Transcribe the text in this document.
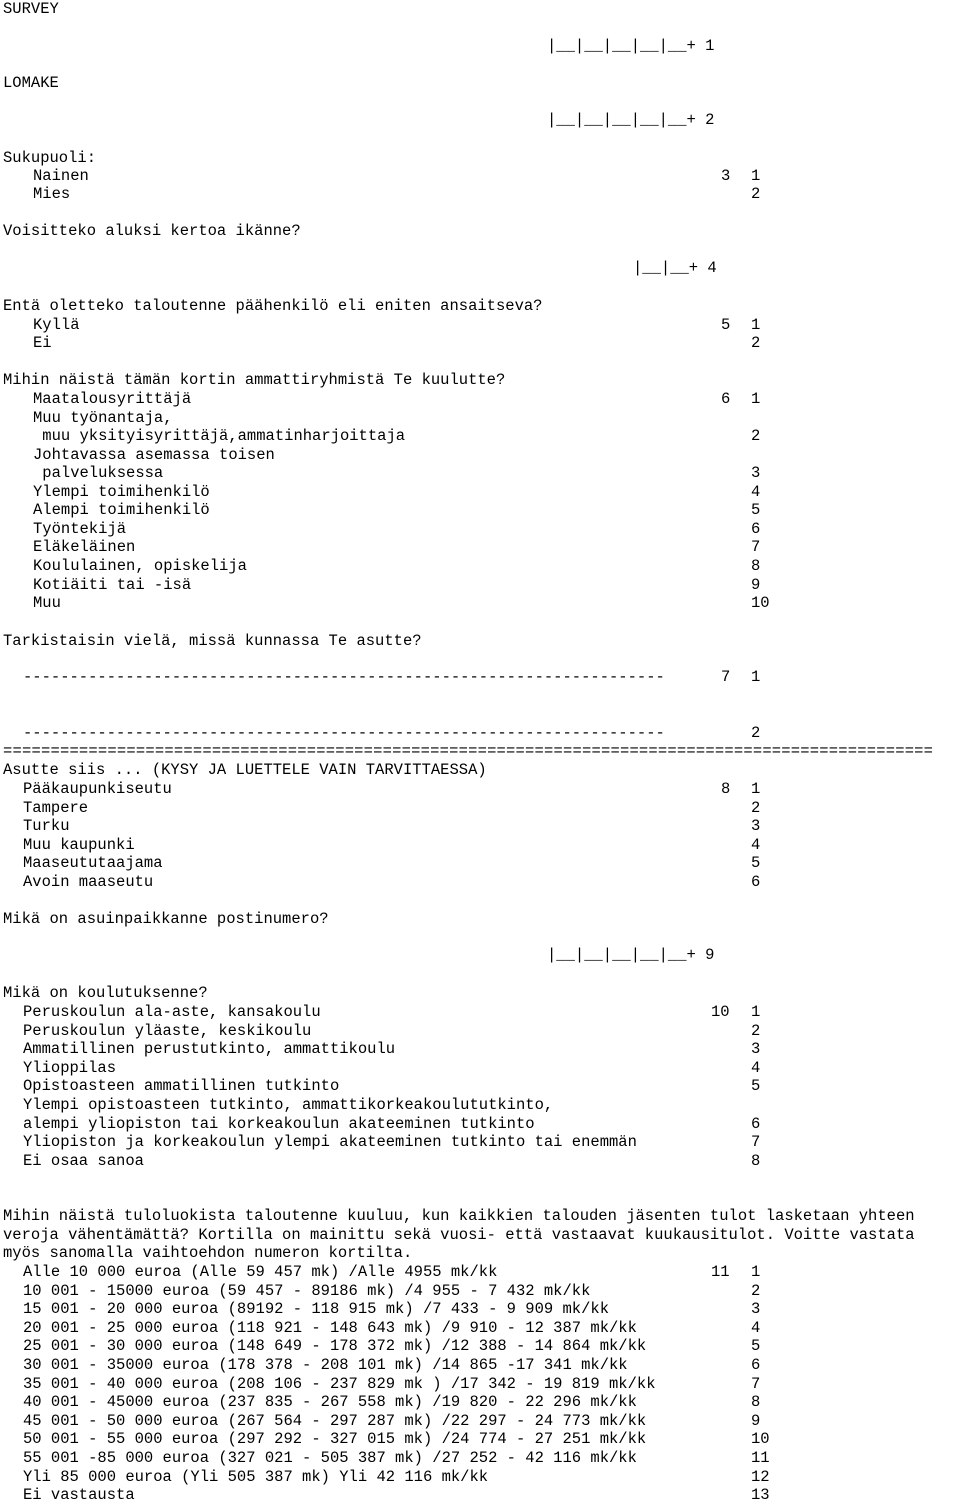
SURVEY
|__|__|__|__|__+ 1
LOMAKE
|__|__|__|__|__+ 2
Sukupuoli:
Nainen	3 1
Mies	2
Voisitteko aluksi kertoa ikänne?
|__|__+ 4
Entä oletteko taloutenne päähenkilö eli eniten ansaitseva?
Kyllä	5 1
Ei	2
Mihin näistä tämän kortin ammattiryhmistä Te kuulutte?
6
Maatalousyrittäjä	1
Muu työnantaja,
muu yksityisyrittäjä,ammatinharjoittaja	2
Johtavassa asemassa toisen
palveluksessa	3
Ylempi toimihenkilö	4
Alempi toimihenkilö	5
Työntekijä	6
Eläkeläinen	7
Koululainen, opiskelija	8
Kotiäiti tai -isä	9
Muu	10
Tarkistaisin vielä, missä kunnassa Te asutte?
---------------------------------------------------------------------	7 1
---------------------------------------------------------------------	2
==================================================================================================
Asutte siis ... (KYSY JA LUETTELE VAIN TARVITTAESSA)
8
Pääkaupunkiseutu	1
Tampere	2
Turku	3
Muu kaupunki	4
Maaseututaajama	5
Avoin maaseutu	6
Mikä on asuinpaikkanne postinumero?
|__|__|__|__|__+ 9
Mikä on koulutuksenne?
10
Peruskoulun ala-aste, kansakoulu	1
Peruskoulun yläaste, keskikoulu	2
Ammatillinen perustutkinto, ammattikoulu	3
Ylioppilas	4
Opistoasteen ammatillinen tutkinto	5
Ylempi opistoasteen tutkinto, ammattikorkeakoulututkinto,
alempi yliopiston tai korkeakoulun akateeminen tutkinto	6
Yliopiston ja korkeakoulun ylempi akateeminen tutkinto tai enemmän	7
Ei osaa sanoa	8
Mihin näistä tuloluokista taloutenne kuuluu, kun kaikkien talouden jäsenten tulot lasketaan yhteen veroja vähentämättä? Kortilla on mainittu sekä vuosi- että vastaavat kuukausitulot. Voitte vastata myös sanomalla vaihtoehdon numeron kortilta.
11
Alle 10 000 euroa (Alle 59 457 mk) /Alle 4955 mk/kk	1
10 001 - 15000 euroa (59 457 - 89186 mk) /4 955 - 7 432 mk/kk	2
15 001 - 20 000 euroa (89192 - 118 915 mk) /7 433 - 9 909 mk/kk	3
20 001 - 25 000 euroa (118 921 - 148 643 mk) /9 910 - 12 387 mk/kk	4
25 001 - 30 000 euroa (148 649 - 178 372 mk) /12 388 - 14 864 mk/kk	5
30 001 - 35000 euroa (178 378 - 208 101 mk) /14 865 -17 341 mk/kk	6
35 001 - 40 000 euroa (208 106 - 237 829 mk ) /17 342 - 19 819 mk/kk	7
40 001 - 45000 euroa (237 835 - 267 558 mk) /19 820 - 22 296 mk/kk	8
45 001 - 50 000 euroa (267 564 - 297 287 mk) /22 297 - 24 773 mk/kk	9
50 001 - 55 000 euroa (297 292 - 327 015 mk) /24 774 - 27 251 mk/kk	10
55 001 -85 000 euroa (327 021 - 505 387 mk) /27 252 - 42 116 mk/kk	11
Yli 85 000 euroa (Yli 505 387 mk) Yli 42 116 mk/kk	12
Ei vastausta	13
